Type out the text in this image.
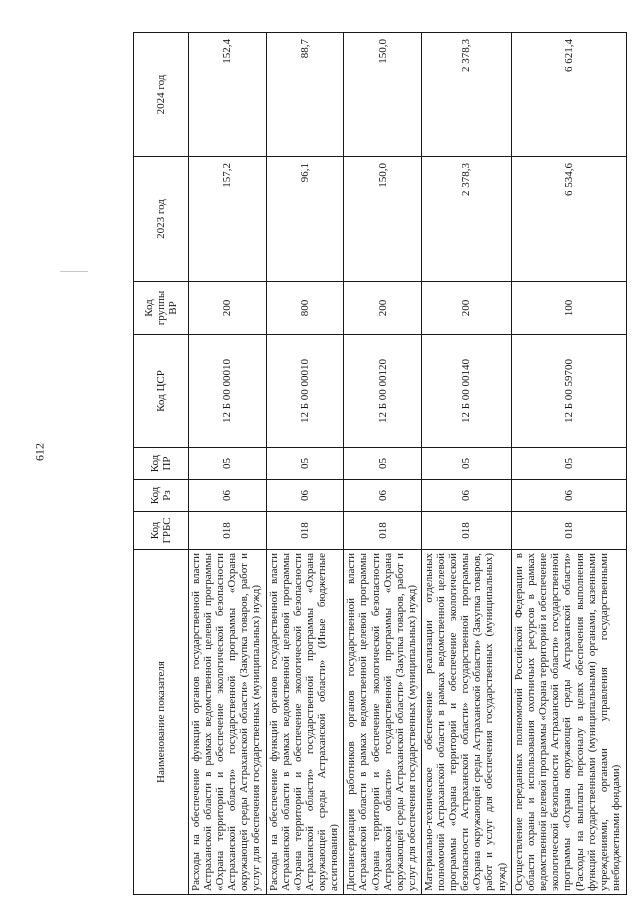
612
Наименование показателя	Код ГРБС	Код Рз	Код ПР	Код ЦСР	Код группы ВР	2023 год	2024 год
Расходы на обеспечение функций органов государственной власти Астраханской области в рамках ведомственной целевой программы «Охрана территорий и обеспечение экологической безопасности Астраханской области» государственной программы «Охрана окружающей среды Астраханской области» (Закупка товаров, работ и услуг для обеспечения государственных (муниципальных) нужд)	018	06	05	12 Б 00 00010	200	157,2	152,4
Расходы на обеспечение функций органов государственной власти Астраханской области в рамках ведомственной целевой программы «Охрана территорий и обеспечение экологической безопасности Астраханской области» государственной программы «Охрана окружающей среды Астраханской области» (Иные бюджетные ассигнования)	018	06	05	12 Б 00 00010	800	96,1	88,7
Диспансеризация работников органов государственной власти Астраханской области в рамках ведомственной целевой программы «Охрана территорий и обеспечение экологической безопасности Астраханской области» государственной программы «Охрана окружающей среды Астраханской области» (Закупка товаров, работ и услуг для обеспечения государственных (муниципальных) нужд)	018	06	05	12 Б 00 00120	200	150,0	150,0
Материально-техническое обеспечение реализации отдельных полномочий Астраханской области в рамках ведомственной целевой программы «Охрана территорий и обеспечение экологической безопасности Астраханской области» государственной программы «Охрана окружающей среды Астраханской области» (Закупка товаров, работ и услуг для обеспечения государственных (муниципальных) нужд)	018	06	05	12 Б 00 00140	200	2 378,3	2 378,3
Осуществление переданных полномочий Российской Федерации в области охраны и использования охотничьих ресурсов в рамках ведомственной целевой программы «Охрана территорий и обеспечение экологической безопасности Астраханской области» государственной программы «Охрана окружающей среды Астраханской области» (Расходы на выплаты персоналу в целях обеспечения выполнения функций государственными (муниципальными) органами, казенными учреждениями, органами управления государственными внебюджетными фондами)	018	06	05	12 Б 00 59700	100	6 534,6	6 621,4
